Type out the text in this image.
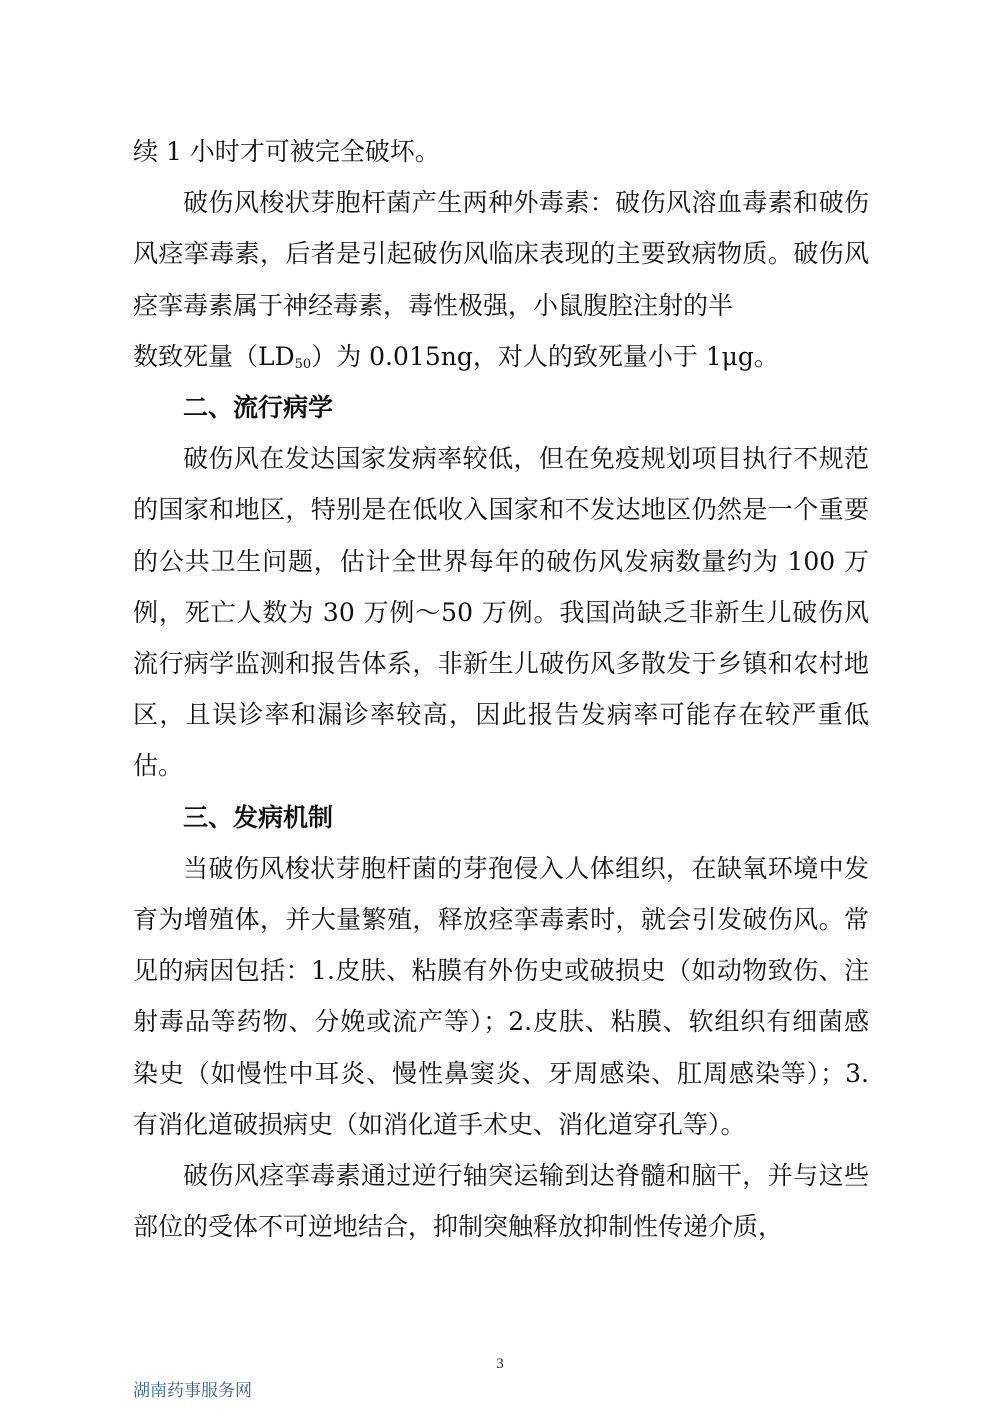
续 1 小时才可被完全破坏。

破伤风梭状芽胞杆菌产生两种外毒素：破伤风溶血毒素和破伤风痉挛毒素，后者是引起破伤风临床表现的主要致病物质。破伤风痉挛毒素属于神经毒素，毒性极强，小鼠腹腔注射的半

数致死量$(LD_{50})$为 0.015ng，对人的致死量小于 1μg。

二、流行病学

破伤风在发达国家发病率较低，但在免疫规划项目执行不规范的国家和地区，特别是在低收入国家和不发达地区仍然是一个重要的公共卫生问题，估计全世界每年的破伤风发病数量约为 100 万例，死亡人数为 30 万例～50 万例。我国尚缺乏非新生儿破伤风流行病学监测和报告体系，非新生儿破伤风多散发于乡镇和农村地区，且误诊率和漏诊率较高，因此报告发病率可能存在较严重低估。

三、发病机制

当破伤风梭状芽胞杆菌的芽孢侵入人体组织，在缺氧环境中发育为增殖体，并大量繁殖，释放痉挛毒素时，就会引发破伤风。常见的病因包括：1.皮肤、粘膜有外伤史或破损史（如动物致伤、注射毒品等药物、分娩或流产等）；2.皮肤、粘膜、软组织有细菌感染史（如慢性中耳炎、慢性鼻窦炎、牙周感染、肛周感染等）；3.有消化道破损病史（如消化道手术史、消化道穿孔等）。

破伤风痉挛毒素通过逆行轴突运输到达脊髓和脑干，并与这些部位的受体不可逆地结合，抑制突触释放抑制性传递介质，

3
湖南药事服务网
